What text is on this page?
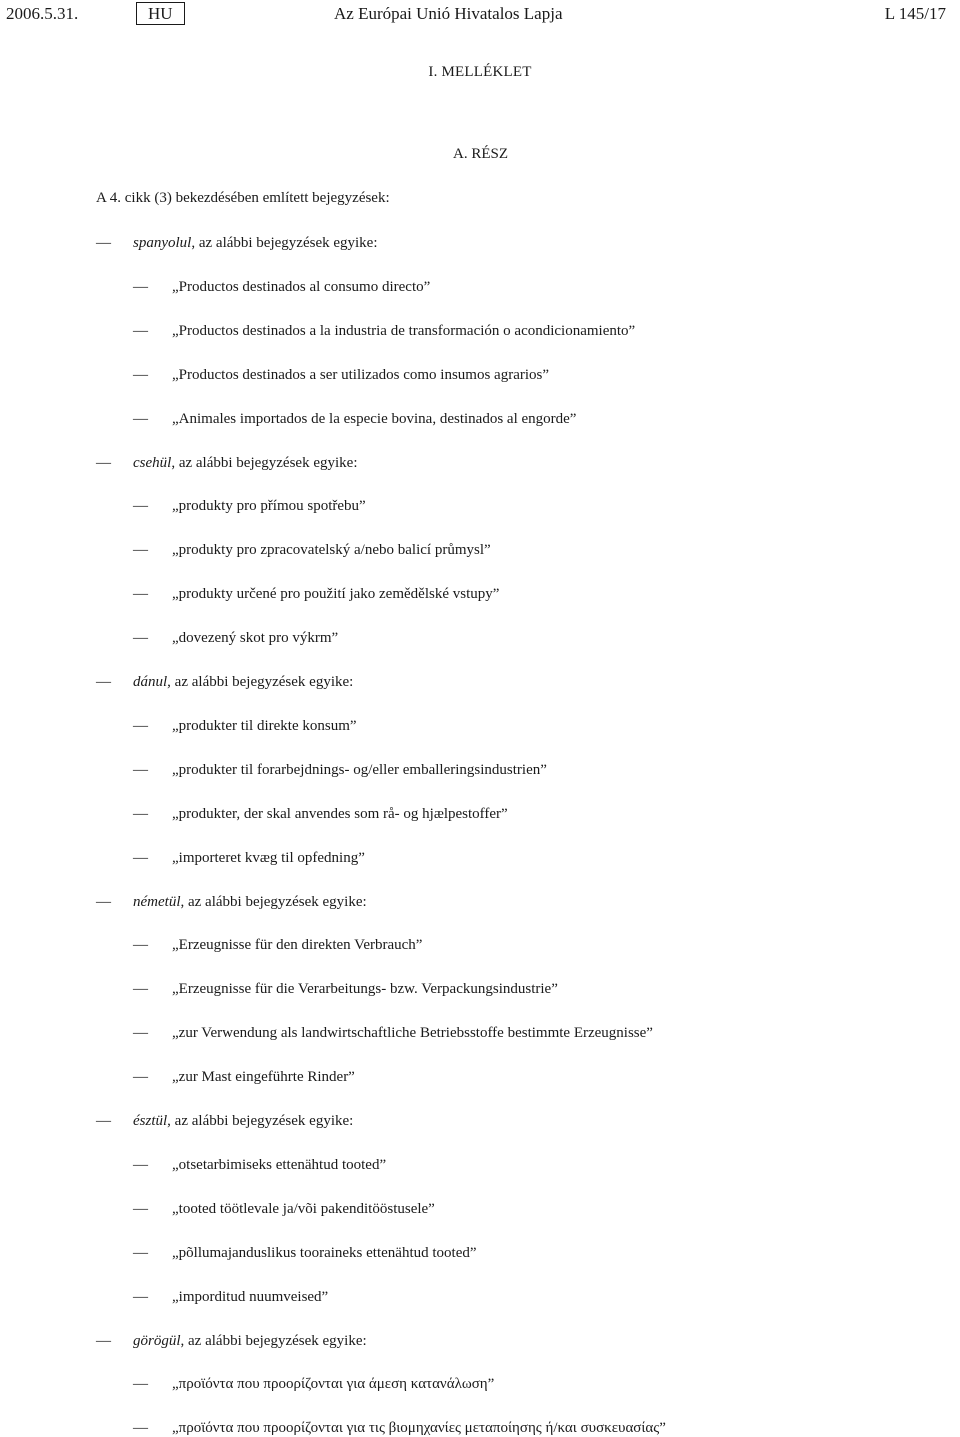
2006.5.31.	HU	Az Európai Unió Hivatalos Lapja	L 145/17
I. MELLÉKLET
A. RÉSZ
A 4. cikk (3) bekezdésében említett bejegyzések:
— spanyolul, az alábbi bejegyzések egyike:
— „Productos destinados al consumo directo”
— „Productos destinados a la industria de transformación o acondicionamiento”
— „Productos destinados a ser utilizados como insumos agrarios”
— „Animales importados de la especie bovina, destinados al engorde”
— csehül, az alábbi bejegyzések egyike:
— „produkty pro přímou spotřebu”
— „produkty pro zpracovatelský a/nebo balicí průmysl”
— „produkty určené pro použití jako zemědělské vstupy”
— „dovezený skot pro výkrm”
— dánul, az alábbi bejegyzések egyike:
— „produkter til direkte konsum”
— „produkter til forarbejdnings- og/eller emballeringsindustrien”
— „produkter, der skal anvendes som rå- og hjælpestoffer”
— „importeret kvæg til opfedning”
— németül, az alábbi bejegyzések egyike:
— „Erzeugnisse für den direkten Verbrauch”
— „Erzeugnisse für die Verarbeitungs- bzw. Verpackungsindustrie”
— „zur Verwendung als landwirtschaftliche Betriebsstoffe bestimmte Erzeugnisse”
— „zur Mast eingeführte Rinder”
— észtül, az alábbi bejegyzések egyike:
— „otsetarbimiseks ettenähtud tooted”
— „tooted töötlevale ja/või pakenditööstusele”
— „põllumajanduslikus tooraineks ettenähtud tooted”
— „imporditud nuumveised”
— görögül, az alábbi bejegyzések egyike:
— „προϊόντα που προορίζονται για άμεση κατανάλωση”
— „προϊόντα που προορίζονται για τις βιομηχανίες μεταποίησης ή/και συσκευασίας”
